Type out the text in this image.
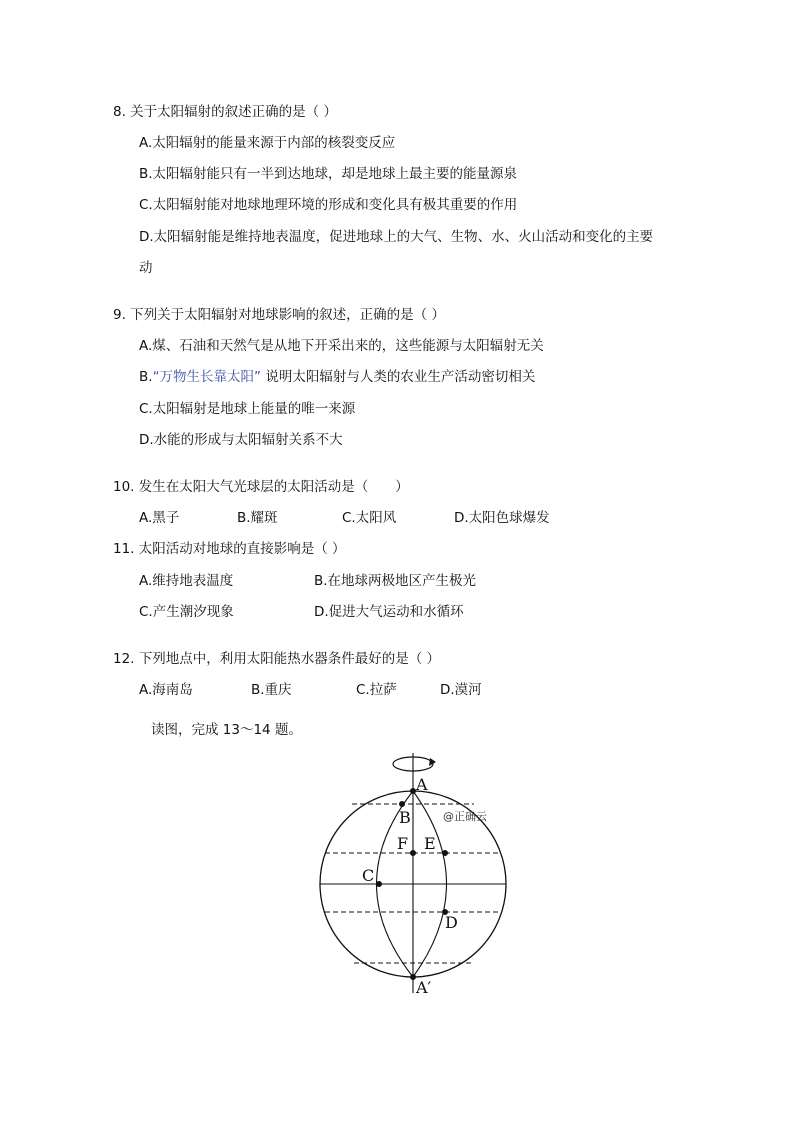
8. 关于太阳辐射的叙述正确的是（ ）
A.太阳辐射的能量来源于内部的核裂变反应
B.太阳辐射能只有一半到达地球，却是地球上最主要的能量源泉
C.太阳辐射能对地球地理环境的形成和变化具有极其重要的作用
D.太阳辐射能是维持地表温度，促进地球上的大气、生物、水、火山活动和变化的主要
动
9. 下列关于太阳辐射对地球影响的叙述，正确的是（ ）
A.煤、石油和天然气是从地下开采出来的，这些能源与太阳辐射无关
B.“万物生长靠太阳” 说明太阳辐射与人类的农业生产活动密切相关
C.太阳辐射是地球上能量的唯一来源
D.水能的形成与太阳辐射关系不大
10. 发生在太阳大气光球层的太阳活动是（　　）
A.黑子	B.耀斑	C.太阳风	D.太阳色球爆发
11. 太阳活动对地球的直接影响是（ ）
A.维持地表温度	B.在地球两极地区产生极光
C.产生潮汐现象	D.促进大气运动和水循环
12. 下列地点中，利用太阳能热水器条件最好的是（ ）
A.海南岛	B.重庆	C.拉萨	D.漠河
读图，完成 13～14 题。
A
B
F E
C
D
A′
@正确云
